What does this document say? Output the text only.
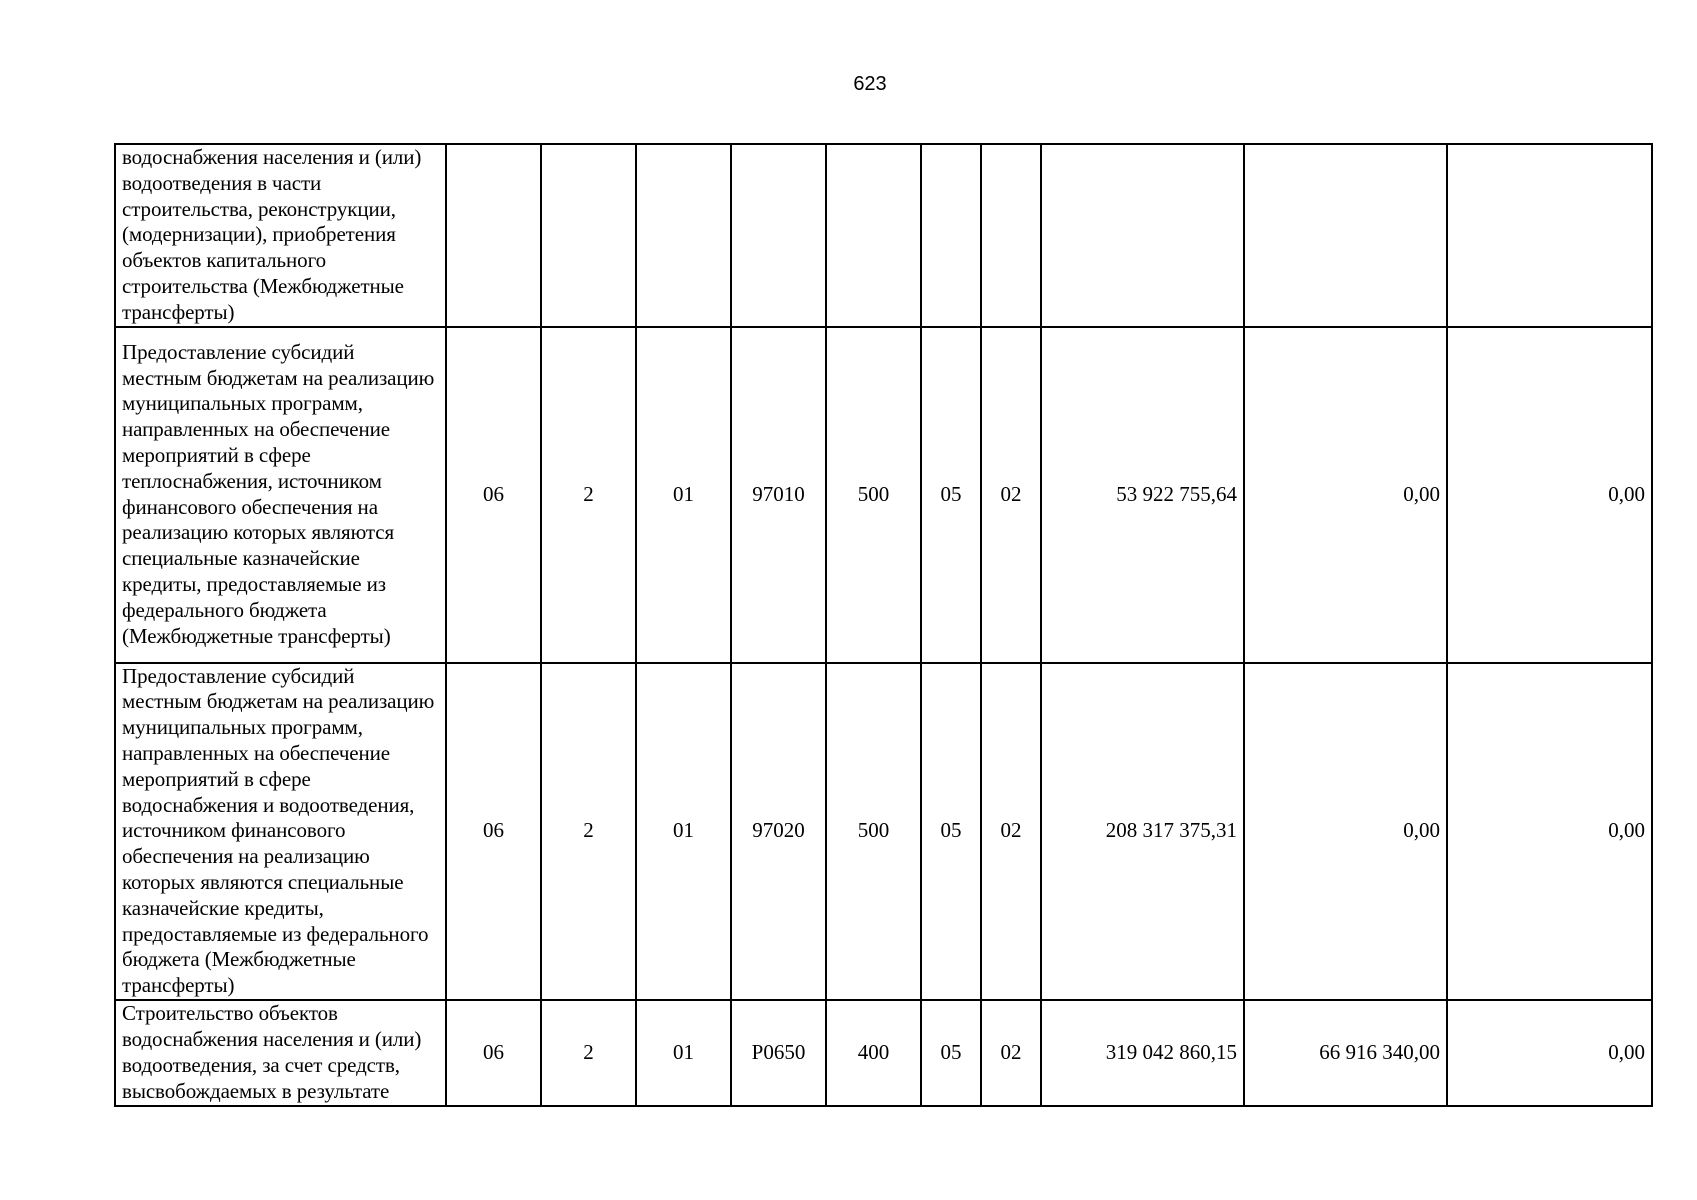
623
водоснабжения населения и (или) водоотведения в части строительства, реконструкции, (модернизации), приобретения объектов капитального строительства (Межбюджетные трансферты)										
Предоставление субсидий местным бюджетам на реализацию муниципальных программ, направленных на обеспечение мероприятий в сфере теплоснабжения, источником финансового обеспечения на реализацию которых являются специальные казначейские кредиты, предоставляемые из федерального бюджета (Межбюджетные трансферты)	06	2	01	97010	500	05	02	53 922 755,64	0,00	0,00
Предоставление субсидий местным бюджетам на реализацию муниципальных программ, направленных на обеспечение мероприятий в сфере водоснабжения и водоотведения, источником финансового обеспечения на реализацию которых являются специальные казначейские кредиты, предоставляемые из федерального бюджета (Межбюджетные трансферты)	06	2	01	97020	500	05	02	208 317 375,31	0,00	0,00
Строительство объектов водоснабжения населения и (или) водоотведения, за счет средств, высвобождаемых в результате	06	2	01	P0650	400	05	02	319 042 860,15	66 916 340,00	0,00
